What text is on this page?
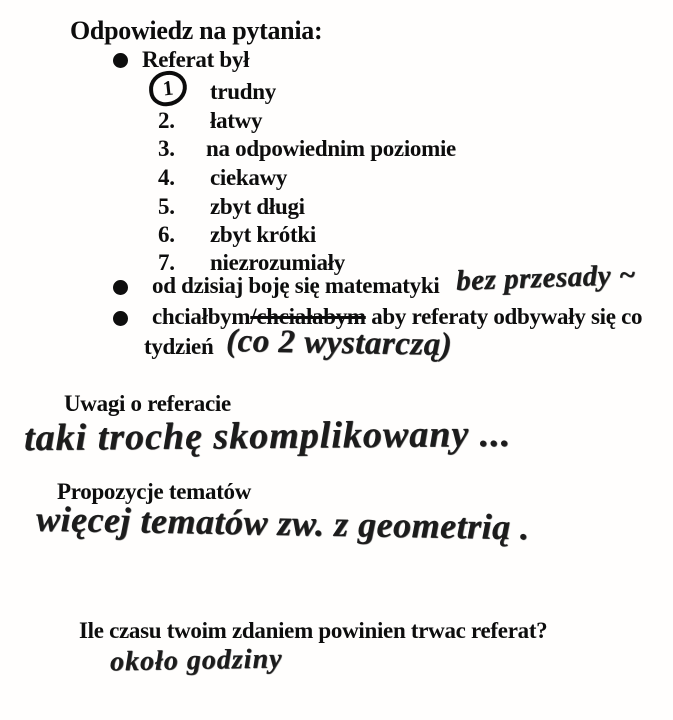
Odpowiedz na pytania:
Referat był
1 trudny
2. łatwy
3. na odpowiednim poziomie
4. ciekawy
5. zbyt długi
6. zbyt krótki
7. niezrozumiały
od dzisiaj boję się matematyki bez przesady ~
chciałbym/chciałabym aby referaty odbywały się co
tydzień (co 2 wystarczą)
Uwagi o referacie
taki trochę skomplikowany ...
Propozycje tematów
więcej tematów zw. z geometrią .
Ile czasu twoim zdaniem powinien trwac referat?
około godziny
